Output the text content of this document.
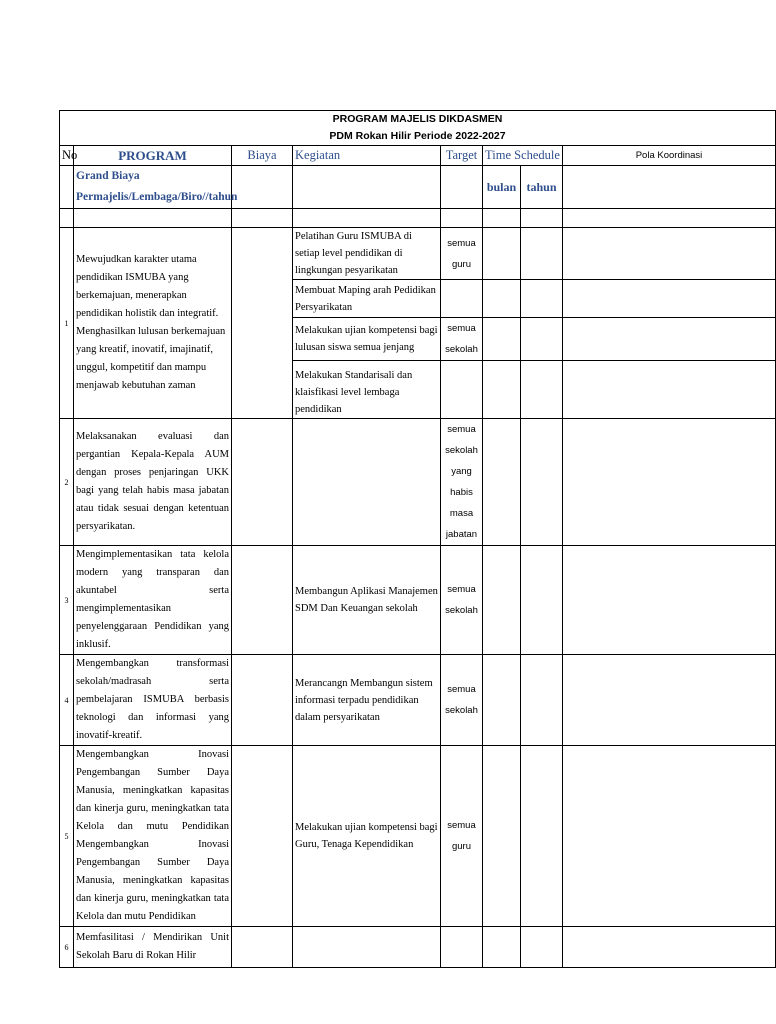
PROGRAM MAJELIS DIKDASMEN
PDM Rokan Hilir Periode 2022-2027							

No	PROGRAM	Biaya	Kegiatan	Target	Time Schedule		Pola Koordinasi

	Grand Biaya
Permajelis/Lembaga/Biro//tahun				bulan	tahun	

1	Mewujudkan karakter utama pendidikan ISMUBA yang berkemajuan, menerapkan pendidikan holistik dan integratif. Menghasilkan lulusan berkemajuan yang kreatif, inovatif, imajinatif, unggul, kompetitif dan mampu menjawab kebutuhan zaman		Pelatihan Guru ISMUBA di setiap level pendidikan di lingkungan pesyarikatan	semua guru			
			Membuat Maping arah Pedidikan Persyarikatan				
			Melakukan ujian kompetensi bagi lulusan siswa semua jenjang	semua sekolah			
			Melakukan Standarisali dan klaisfikasi level lembaga pendidikan				
2	Melaksanakan evaluasi dan pergantian Kepala-Kepala AUM dengan proses penjaringan UKK bagi yang telah habis masa jabatan atau tidak sesuai dengan ketentuan persyarikatan.			semua sekolah yang habis masa jabatan			
3	Mengimplementasikan tata kelola modern yang transparan dan akuntabel serta mengimplementasikan penyelenggaraan Pendidikan yang inklusif.		Membangun Aplikasi Manajemen SDM Dan Keuangan sekolah	semua sekolah			
4	Mengembangkan transformasi sekolah/madrasah serta pembelajaran ISMUBA berbasis teknologi dan informasi yang inovatif-kreatif.		Merancangn Membangun sistem informasi terpadu pendidikan dalam persyarikatan	semua sekolah			
5	Mengembangkan Inovasi Pengembangan Sumber Daya Manusia, meningkatkan kapasitas dan kinerja guru, meningkatkan tata Kelola dan mutu Pendidikan Mengembangkan Inovasi Pengembangan Sumber Daya Manusia, meningkatkan kapasitas dan kinerja guru, meningkatkan tata Kelola dan mutu Pendidikan		Melakukan ujian kompetensi bagi Guru, Tenaga Kependidikan	semua guru			
6	Memfasilitasi / Mendirikan Unit Sekolah Baru di Rokan Hilir						
